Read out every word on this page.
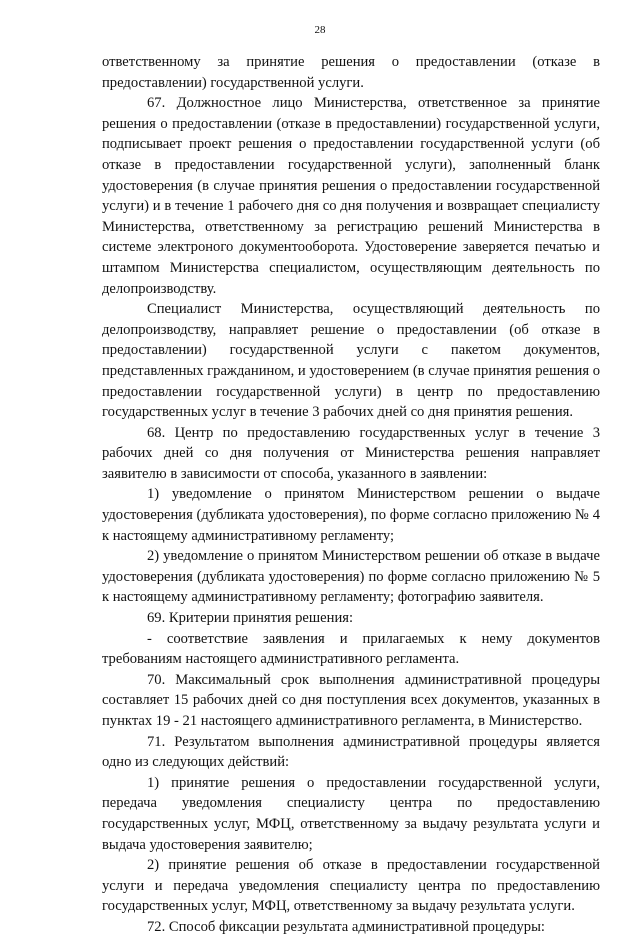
28

ответственному за принятие решения о предоставлении (отказе в предоставлении) государственной услуги.

67. Должностное лицо Министерства, ответственное за принятие решения о предоставлении (отказе в предоставлении) государственной услуги, подписывает проект решения о предоставлении государственной услуги (об отказе в предоставлении государственной услуги), заполненный бланк удостоверения (в случае принятия решения о предоставлении государственной услуги) и в течение 1 рабочего дня со дня получения и возвращает специалисту Министерства, ответственному за регистрацию решений Министерства в системе электроного документооборота. Удостоверение заверяется печатью и штампом Министерства специалистом, осуществляющим деятельность по делопроизводству.

Специалист Министерства, осуществляющий деятельность по делопроизводству, направляет решение о предоставлении (об отказе в предоставлении) государственной услуги с пакетом документов, представленных гражданином, и удостоверением (в случае принятия решения о предоставлении государственной услуги) в центр по предоставлению государственных услуг в течение 3 рабочих дней со дня принятия решения.

68. Центр по предоставлению государственных услуг в течение 3 рабочих дней со дня получения от Министерства решения направляет заявителю в зависимости от способа, указанного в заявлении:

1) уведомление о принятом Министерством решении о выдаче удостоверения (дубликата удостоверения), по форме согласно приложению № 4 к настоящему административному регламенту;

2) уведомление о принятом Министерством решении об отказе в выдаче удостоверения (дубликата удостоверения) по форме согласно приложению № 5 к настоящему административному регламенту; фотографию заявителя.

69. Критерии принятия решения:

- соответствие заявления и прилагаемых к нему документов требованиям настоящего административного регламента.

70. Максимальный срок выполнения административной процедуры составляет 15 рабочих дней со дня поступления всех документов, указанных в пунктах 19 - 21 настоящего административного регламента, в Министерство.

71. Результатом выполнения административной процедуры является одно из следующих действий:

1) принятие решения о предоставлении государственной услуги, передача уведомления специалисту центра по предоставлению государственных услуг, МФЦ, ответственному за выдачу результата услуги и выдача удостоверения заявителю;

2) принятие решения об отказе в предоставлении государственной услуги и передача уведомления специалисту центра по предоставлению государственных услуг, МФЦ, ответственному за выдачу результата услуги.

72. Способ фиксации результата административной процедуры:
